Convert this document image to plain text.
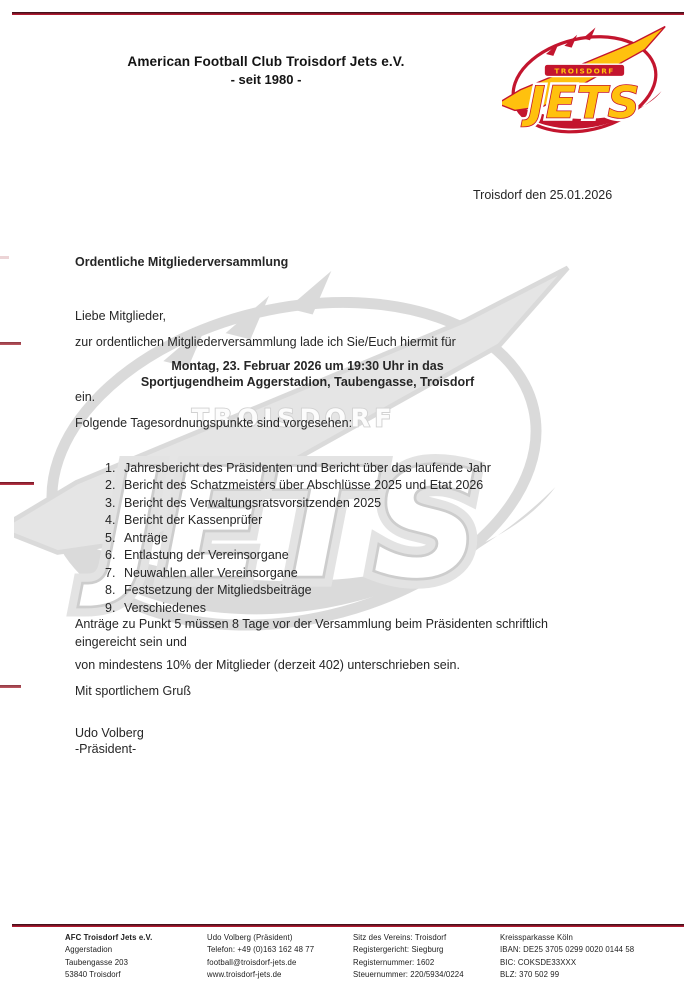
American Football Club Troisdorf Jets e.V.
- seit 1980 -
Troisdorf den 25.01.2026
Ordentliche Mitgliederversammlung
Liebe Mitglieder,
zur ordentlichen Mitgliederversammlung lade ich Sie/Euch hiermit für
Montag, 23. Februar 2026 um 19:30 Uhr in das
Sportjugendheim Aggerstadion, Taubengasse, Troisdorf
ein.
Folgende Tagesordnungspunkte sind vorgesehen:
1. Jahresbericht des Präsidenten und Bericht über das laufende Jahr
2. Bericht des Schatzmeisters über Abschlüsse 2025 und Etat 2026
3. Bericht des Verwaltungsratsvorsitzenden 2025
4. Bericht der Kassenprüfer
5. Anträge
6. Entlastung der Vereinsorgane
7. Neuwahlen aller Vereinsorgane
8. Festsetzung der Mitgliedsbeiträge
9. Verschiedenes
Anträge zu Punkt 5 müssen 8 Tage vor der Versammlung beim Präsidenten schriftlich
eingereicht sein und
von mindestens 10% der Mitglieder (derzeit 402) unterschrieben sein.
Mit sportlichem Gruß
Udo Volberg
-Präsident-
AFC Troisdorf Jets e.V.
Aggerstadion
Taubengasse 203
53840 Troisdorf
Udo Volberg (Präsident)
Telefon: +49 (0)163 162 48 77
football@troisdorf-jets.de
www.troisdorf-jets.de
Sitz des Vereins: Troisdorf
Registergericht: Siegburg
Registernummer: 1602
Steuernummer: 220/5934/0224
Kreissparkasse Köln
IBAN: DE25 3705 0299 0020 0144 58
BIC: COKSDE33XXX
BLZ: 370 502 99
